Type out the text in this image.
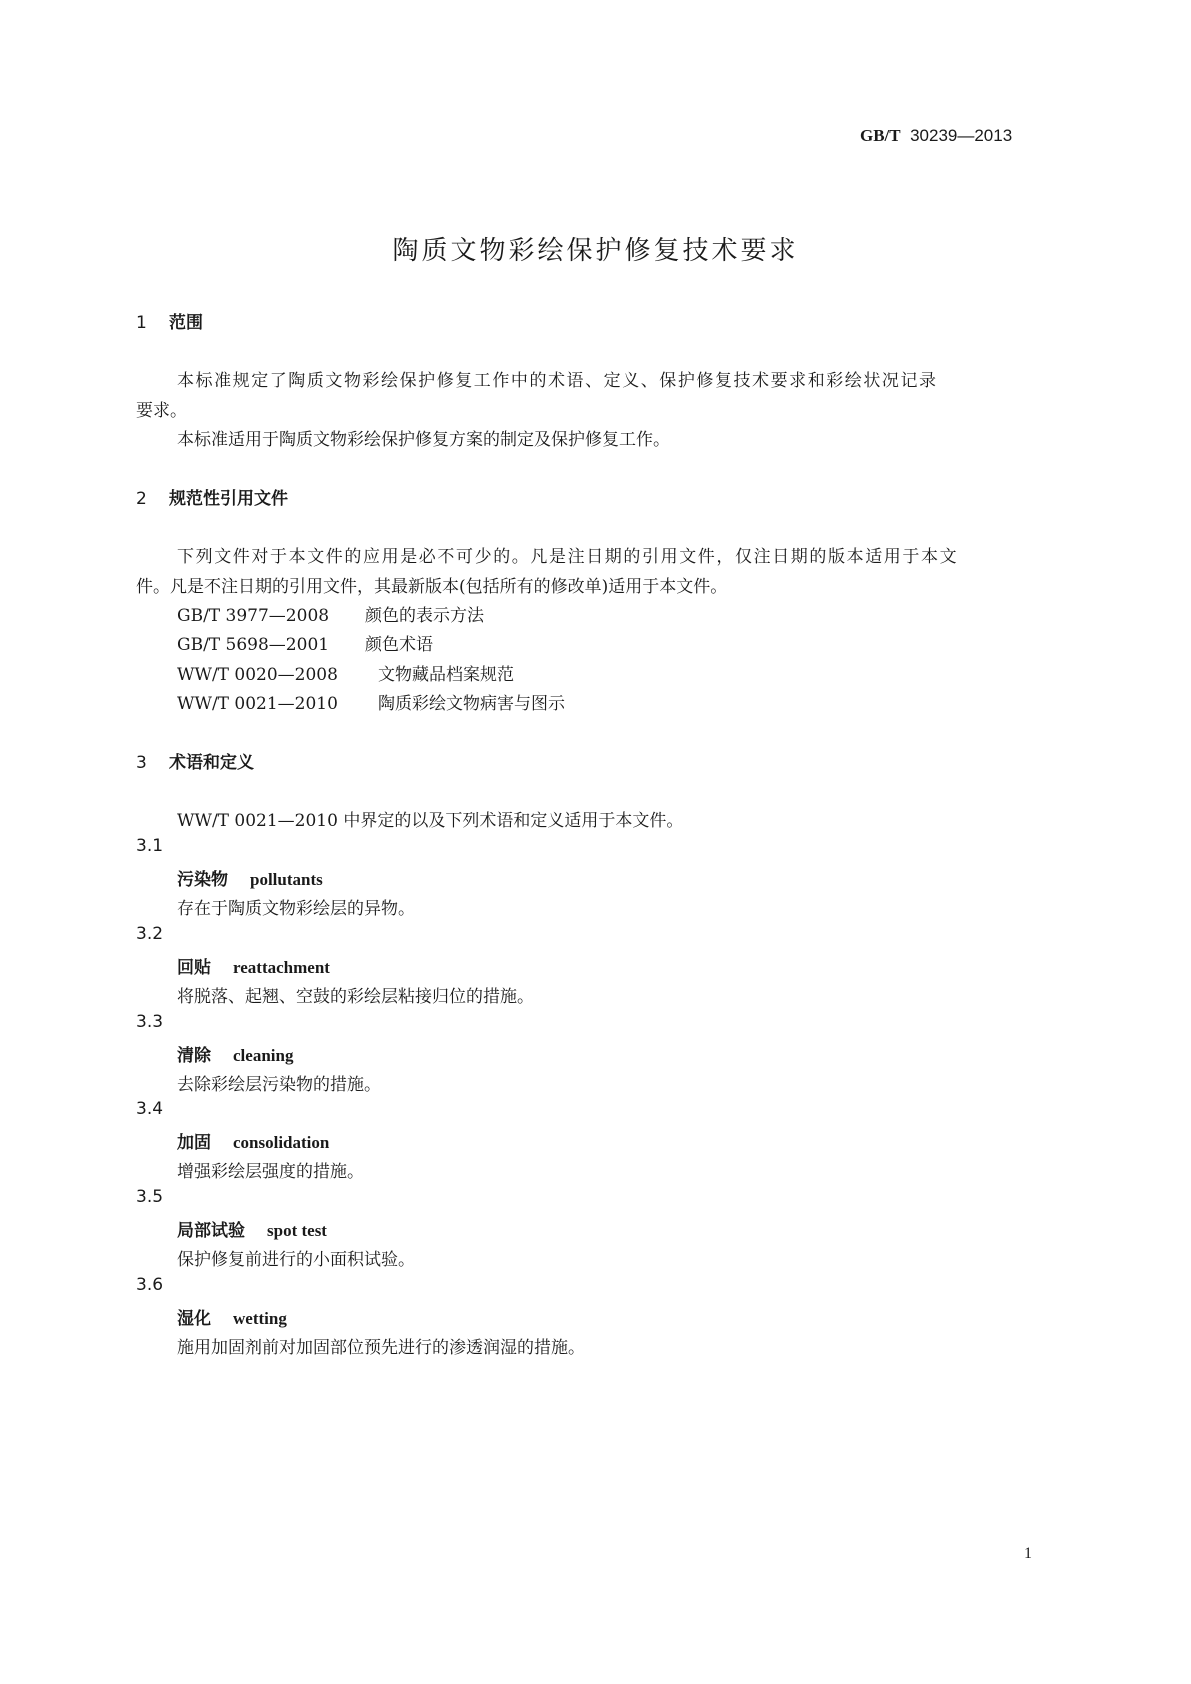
GB/T 30239—2013
陶质文物彩绘保护修复技术要求
1 范围
本标准规定了陶质文物彩绘保护修复工作中的术语、定义、保护修复技术要求和彩绘状况记录
要求。
本标准适用于陶质文物彩绘保护修复方案的制定及保护修复工作。
2 规范性引用文件
下列文件对于本文件的应用是必不可少的。凡是注日期的引用文件，仅注日期的版本适用于本文
件。凡是不注日期的引用文件，其最新版本(包括所有的修改单)适用于本文件。
GB/T 3977—2008 颜色的表示方法
GB/T 5698—2001 颜色术语
WW/T 0020—2008 文物藏品档案规范
WW/T 0021—2010 陶质彩绘文物病害与图示
3 术语和定义
WW/T 0021—2010 中界定的以及下列术语和定义适用于本文件。
3.1
污染物 pollutants
存在于陶质文物彩绘层的异物。
3.2
回贴 reattachment
将脱落、起翘、空鼓的彩绘层粘接归位的措施。
3.3
清除 cleaning
去除彩绘层污染物的措施。
3.4
加固 consolidation
增强彩绘层强度的措施。
3.5
局部试验 spot test
保护修复前进行的小面积试验。
3.6
湿化 wetting
施用加固剂前对加固部位预先进行的渗透润湿的措施。
1
